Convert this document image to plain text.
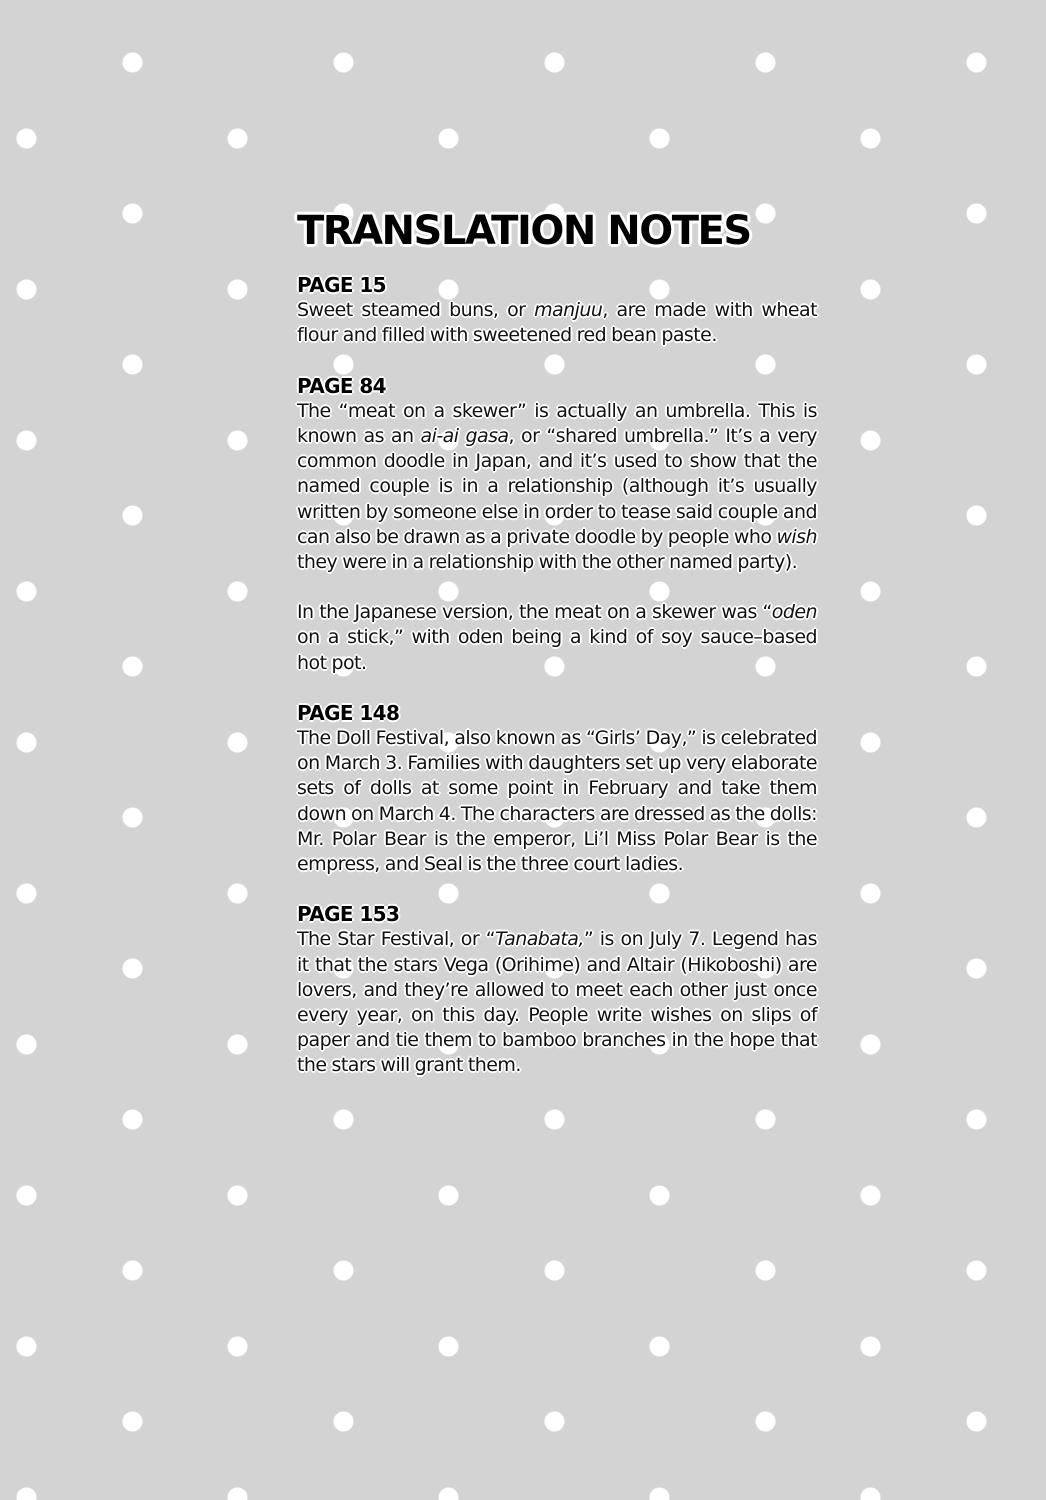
TRANSLATION NOTES
PAGE 15

Sweet steamed buns, or manjuu, are made with wheat flour and filled with sweetened red bean paste.

PAGE 84

The “meat on a skewer” is actually an umbrella. This is known as an ai-ai gasa, or “shared umbrella.” It’s a very common doodle in Japan, and it’s used to show that the named couple is in a relationship (although it’s usually written by someone else in order to tease said couple and can also be drawn as a private doodle by people who wish they were in a relationship with the other named party).

In the Japanese version, the meat on a skewer was “oden on a stick,” with oden being a kind of soy sauce–based hot pot.

PAGE 148

The Doll Festival, also known as “Girls’ Day,” is celebrated on March 3. Families with daughters set up very elaborate sets of dolls at some point in February and take them down on March 4. The characters are dressed as the dolls: Mr. Polar Bear is the emperor, Li’l Miss Polar Bear is the empress, and Seal is the three court ladies.

PAGE 153

The Star Festival, or “Tanabata,” is on July 7. Legend has it that the stars Vega (Orihime) and Altair (Hikoboshi) are lovers, and they’re allowed to meet each other just once every year, on this day. People write wishes on slips of paper and tie them to bamboo branches in the hope that the stars will grant them.
